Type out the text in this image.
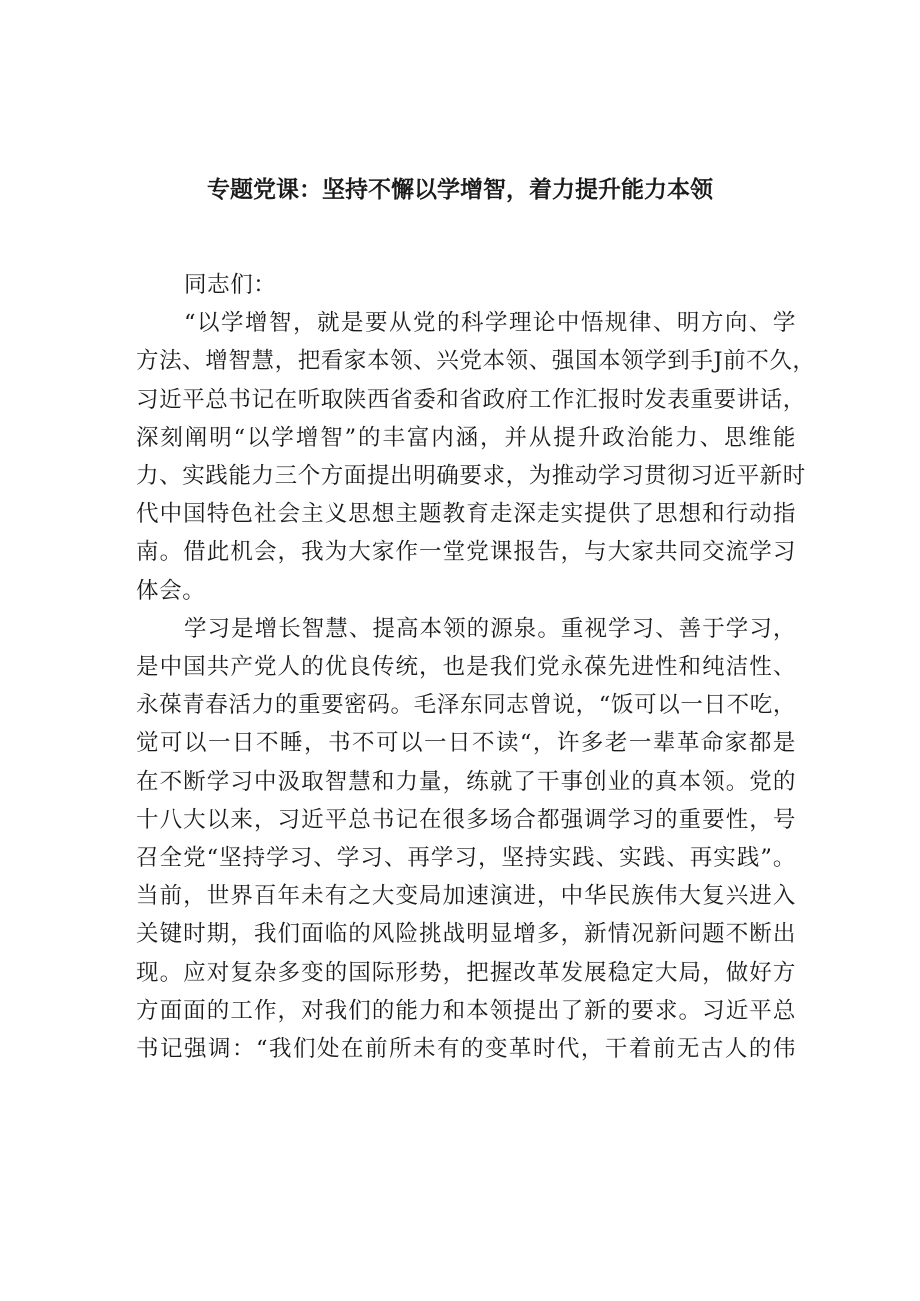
专题党课：坚持不懈以学增智，着力提升能力本领
同志们：
“以学增智，就是要从党的科学理论中悟规律、明方向、学
方法、增智慧，把看家本领、兴党本领、强国本领学到手J前不久，
习近平总书记在听取陕西省委和省政府工作汇报时发表重要讲话，
深刻阐明“以学增智”的丰富内涵，并从提升政治能力、思维能
力、实践能力三个方面提出明确要求，为推动学习贯彻习近平新时
代中国特色社会主义思想主题教育走深走实提供了思想和行动指
南。借此机会，我为大家作一堂党课报告，与大家共同交流学习
体会。
学习是增长智慧、提高本领的源泉。重视学习、善于学习，
是中国共产党人的优良传统，也是我们党永葆先进性和纯洁性、
永葆青春活力的重要密码。毛泽东同志曾说，“饭可以一日不吃，
觉可以一日不睡，书不可以一日不读“，许多老一辈革命家都是
在不断学习中汲取智慧和力量，练就了干事创业的真本领。党的
十八大以来，习近平总书记在很多场合都强调学习的重要性，号
召全党“坚持学习、学习、再学习，坚持实践、实践、再实践”。
当前，世界百年未有之大变局加速演进，中华民族伟大复兴进入
关键时期，我们面临的风险挑战明显增多，新情况新问题不断出
现。应对复杂多变的国际形势，把握改革发展稳定大局，做好方
方面面的工作，对我们的能力和本领提出了新的要求。习近平总
书记强调：“我们处在前所未有的变革时代，干着前无古人的伟
